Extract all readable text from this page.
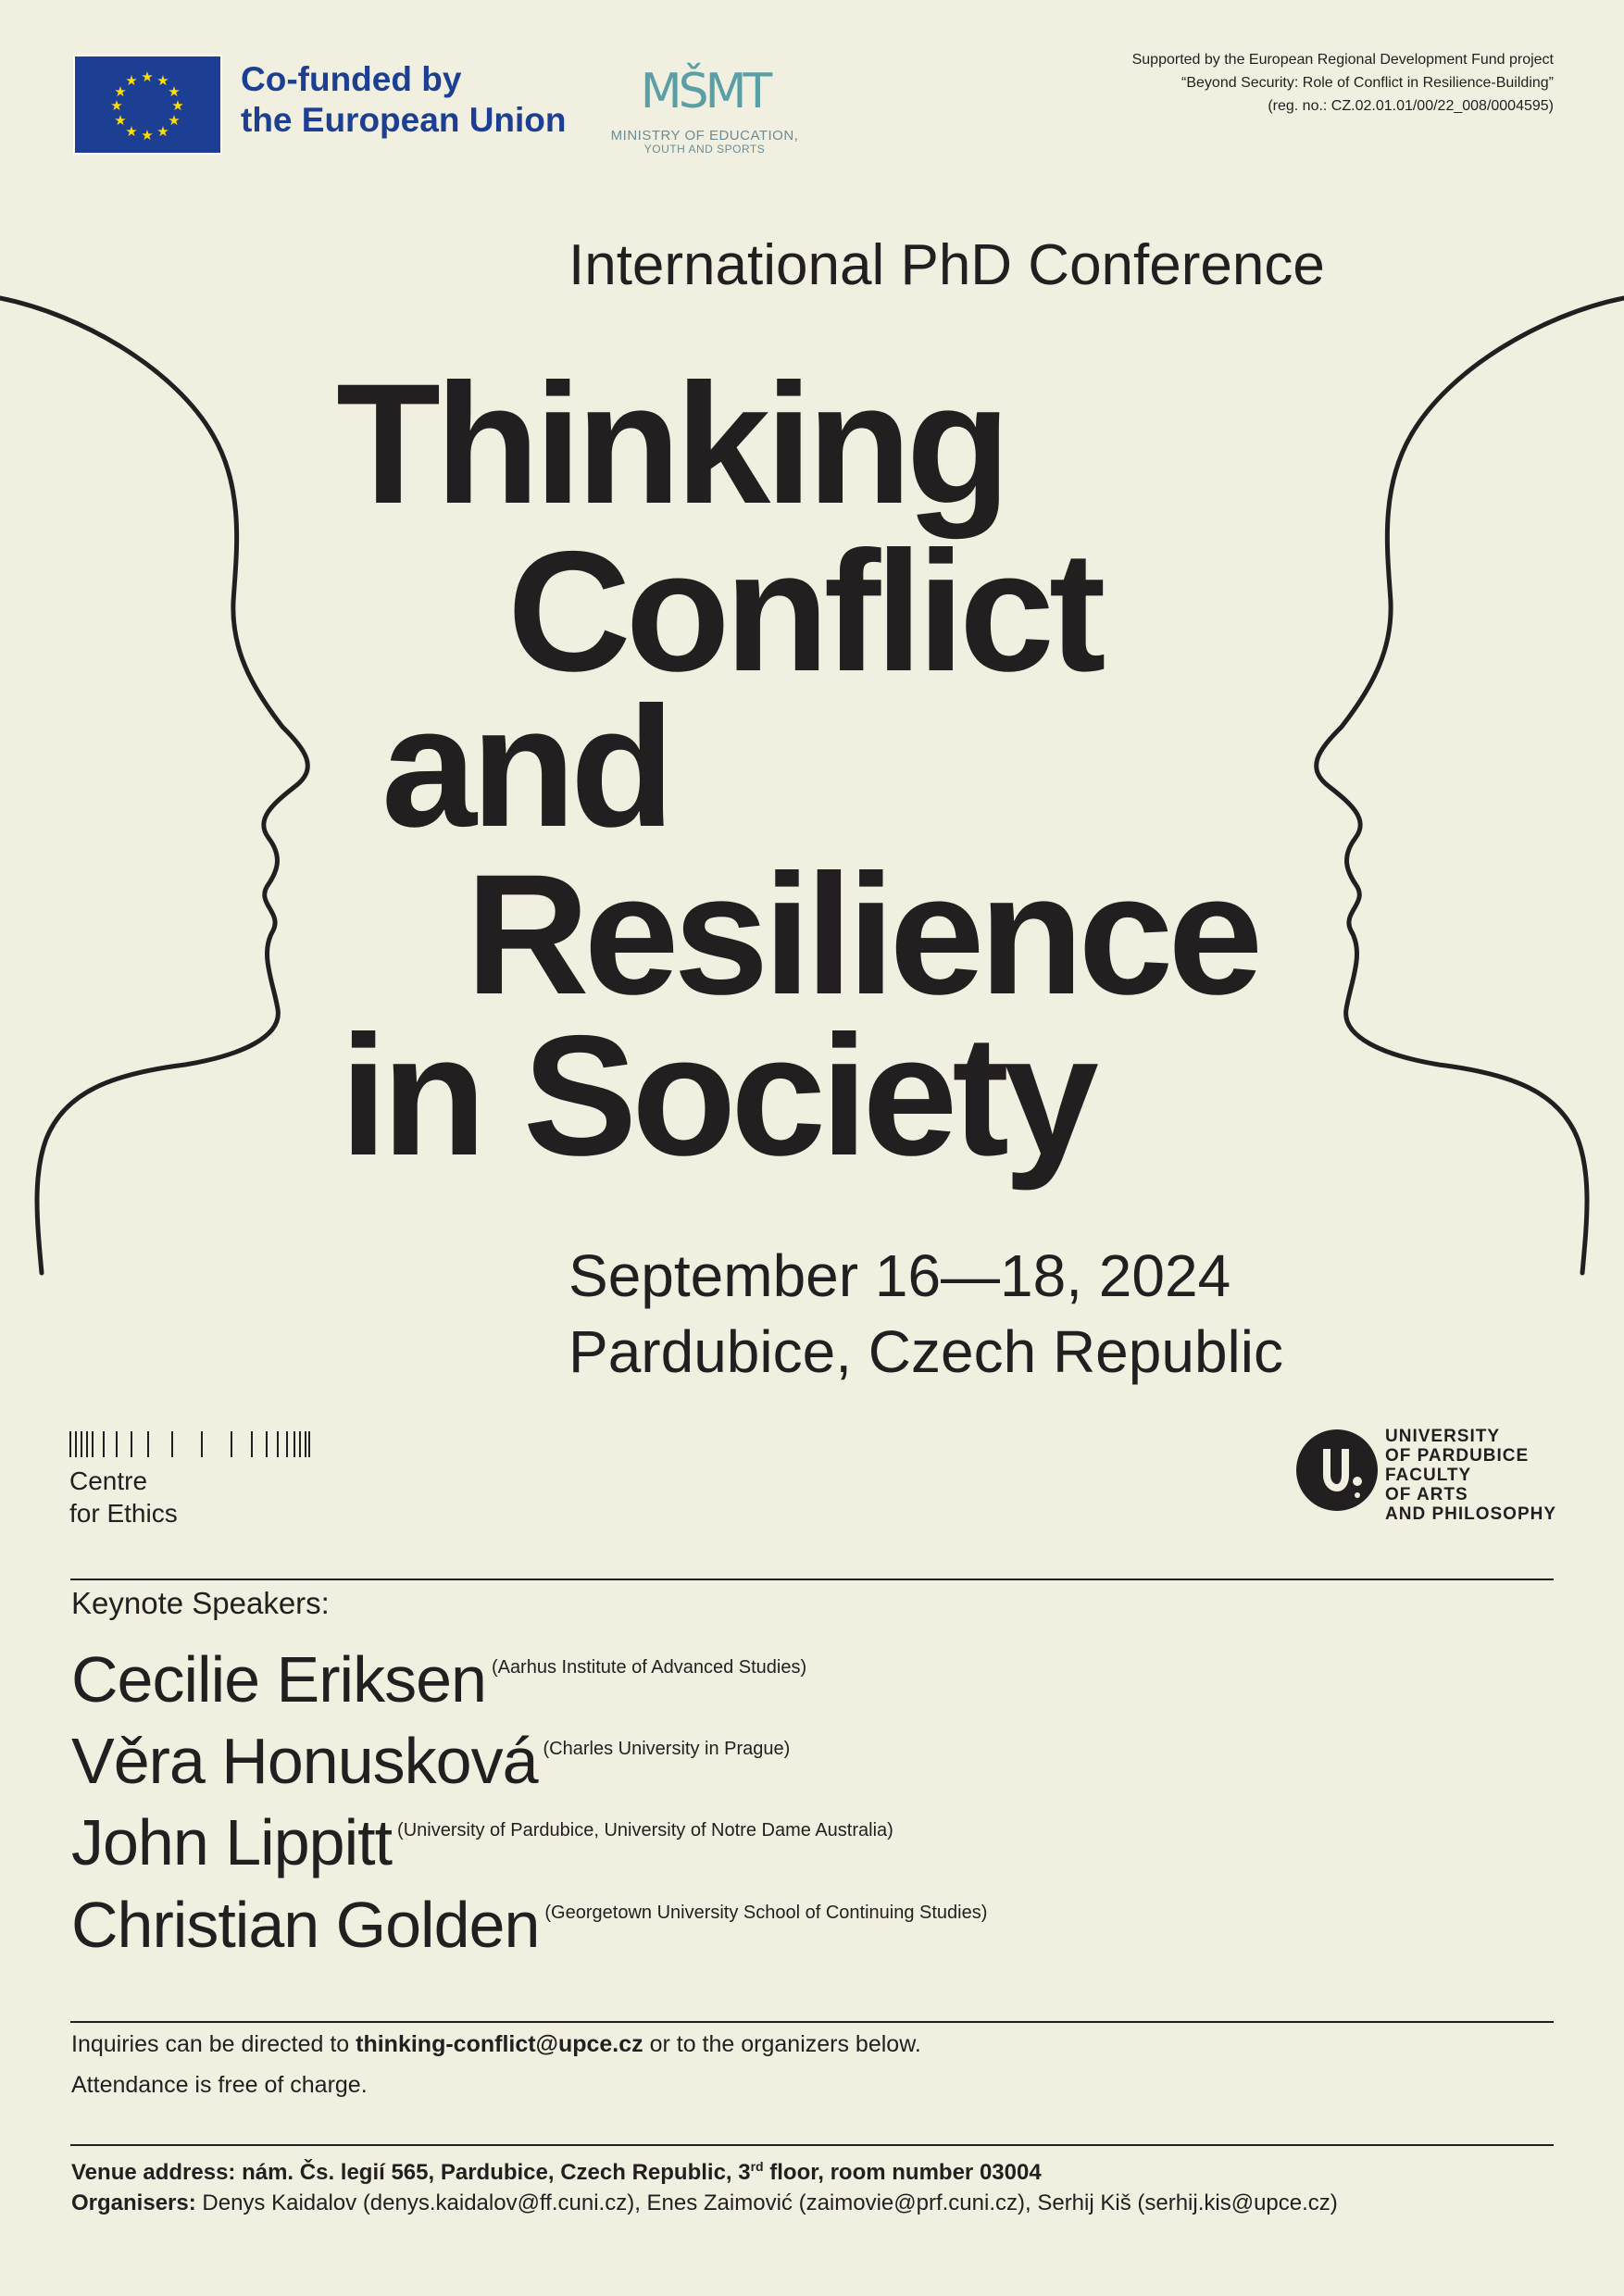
★ ★
★
★
★
★
★
★
★
★
★
★	Co-funded by
the European Union
MŠMT
MINISTRY OF EDUCATION,
YOUTH AND SPORTS
Supported by the European Regional Development Fund project
“Beyond Security: Role of Conflict in Resilience-Building”
(reg. no.: CZ.02.01.01/00/22_008/0004595)
International PhD Conference
Thinking
Conflict
and
Resilience
in Society
September 16—18, 2024
Pardubice, Czech Republic
Centre
for Ethics
UNIVERSITY
OF PARDUBICE
FACULTY
OF ARTS
AND PHILOSOPHY
Keynote Speakers:
Cecilie Eriksen (Aarhus Institute of Advanced Studies)
Věra Honusková (Charles University in Prague)
John Lippitt (University of Pardubice, University of Notre Dame Australia)
Christian Golden (Georgetown University School of Continuing Studies)
Inquiries can be directed to thinking-conflict@upce.cz or to the organizers below.
Attendance is free of charge.
Venue address: nám. Čs. legií 565, Pardubice, Czech Republic, 3rd floor, room number 03004
Organisers: Denys Kaidalov (denys.kaidalov@ff.cuni.cz), Enes Zaimović (zaimovie@prf.cuni.cz), Serhij Kiš (serhij.kis@upce.cz)
